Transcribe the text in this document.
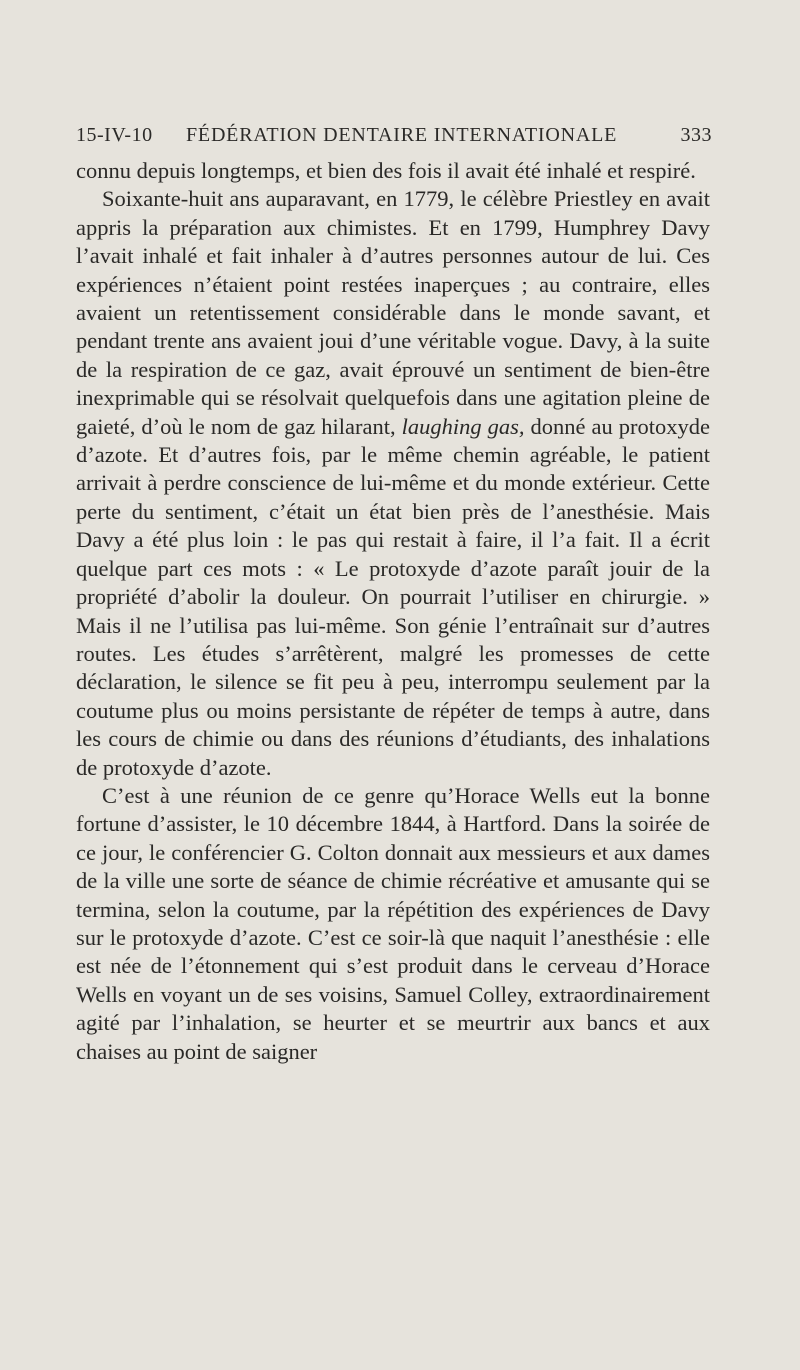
15-IV-10 FÉDÉRATION DENTAIRE INTERNATIONALE	333

connu depuis longtemps, et bien des fois il avait été inhalé et respiré.

Soixante-huit ans auparavant, en 1779, le célèbre Priestley en avait appris la préparation aux chimistes. Et en 1799, Humphrey Davy l’avait inhalé et fait inhaler à d’autres personnes autour de lui. Ces expériences n’étaient point restées inaperçues ; au contraire, elles avaient un retentissement considérable dans le monde savant, et pendant trente ans avaient joui d’une véritable vogue. Davy, à la suite de la respiration de ce gaz, avait éprouvé un sentiment de bien-être inexprimable qui se résolvait quelquefois dans une agitation pleine de gaieté, d’où le nom de gaz hilarant, laughing gas, donné au protoxyde d’azote. Et d’autres fois, par le même chemin agréable, le patient arrivait à perdre conscience de lui-même et du monde extérieur. Cette perte du sentiment, c’était un état bien près de l’anesthésie. Mais Davy a été plus loin : le pas qui restait à faire, il l’a fait. Il a écrit quelque part ces mots : « Le protoxyde d’azote paraît jouir de la propriété d’abolir la douleur. On pourrait l’utiliser en chirurgie. » Mais il ne l’utilisa pas lui-même. Son génie l’entraînait sur d’autres routes. Les études s’arrêtèrent, malgré les promesses de cette déclaration, le silence se fit peu à peu, interrompu seulement par la coutume plus ou moins persistante de répéter de temps à autre, dans les cours de chimie ou dans des réunions d’étudiants, des inhalations de protoxyde d’azote.

C’est à une réunion de ce genre qu’Horace Wells eut la bonne fortune d’assister, le 10 décembre 1844, à Hartford. Dans la soirée de ce jour, le conférencier G. Colton donnait aux messieurs et aux dames de la ville une sorte de séance de chimie récréative et amusante qui se termina, selon la coutume, par la répétition des expériences de Davy sur le protoxyde d’azote. C’est ce soir-là que naquit l’anesthésie : elle est née de l’étonnement qui s’est produit dans le cerveau d’Horace Wells en voyant un de ses voisins, Samuel Colley, extraordinairement agité par l’inhalation, se heurter et se meurtrir aux bancs et aux chaises au point de saigner
